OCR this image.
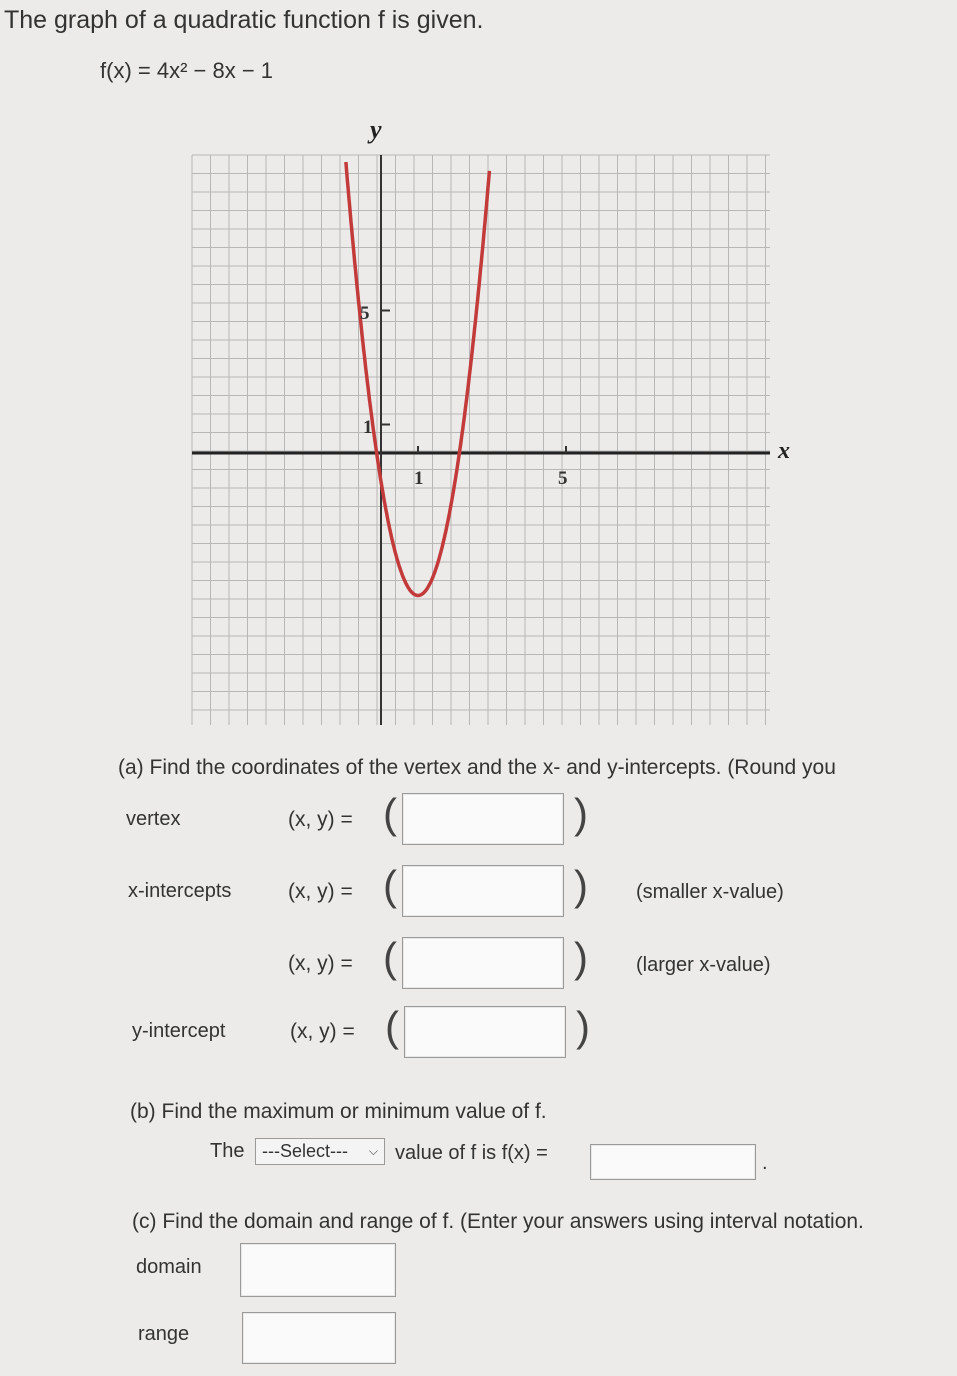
The graph of a quadratic function f is given.
f(x) = 4x² − 8x − 1
y
x
1	5
5
1
(a) Find the coordinates of the vertex and the x- and y-intercepts. (Round you
vertex	(x, y) = (	)
x-intercepts	(x, y) = (	) (smaller x-value)
(x, y) = (	) (larger x-value)
y-intercept	(x, y) = (	)
(b) Find the maximum or minimum value of f.
The ---Select--- ⌵ value of f is f(x) =	.
(c) Find the domain and range of f. (Enter your answers using interval notation.
domain
range
